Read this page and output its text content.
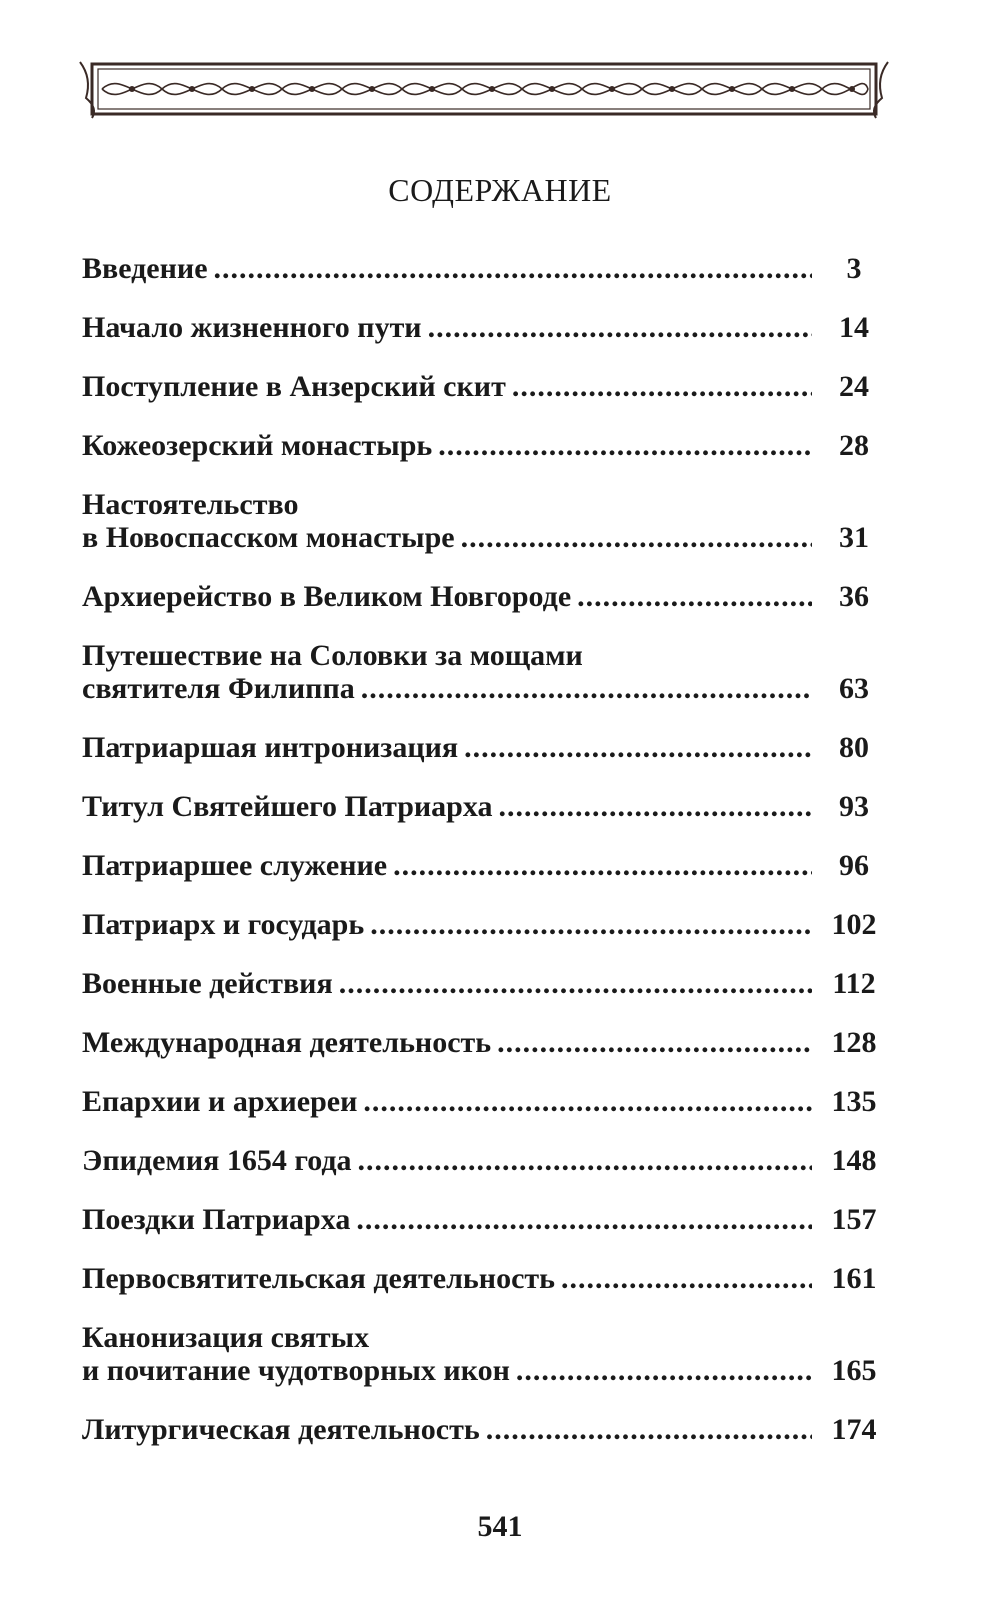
СОДЕРЖАНИЕ
Введение .....	3
Начало жизненного пути .....	14
Поступление в Анзерский скит .....	24
Кожеозерский монастырь .....	28
Настоятельство
в Новоспасском монастыре .....	31
Архиерейство в Великом Новгороде .....	36
Путешествие на Соловки за мощами
святителя Филиппа .....	63
Патриаршая интронизация .....	80
Титул Святейшего Патриарха .....	93
Патриаршее служение .....	96
Патриарх и государь .....	102
Военные действия .....	112
Международная деятельность .....	128
Епархии и архиереи .....	135
Эпидемия 1654 года .....	148
Поездки Патриарха .....	157
Первосвятительская деятельность .....	161
Канонизация святых
и почитание чудотворных икон .....	165
Литургическая деятельность .....	174
541
